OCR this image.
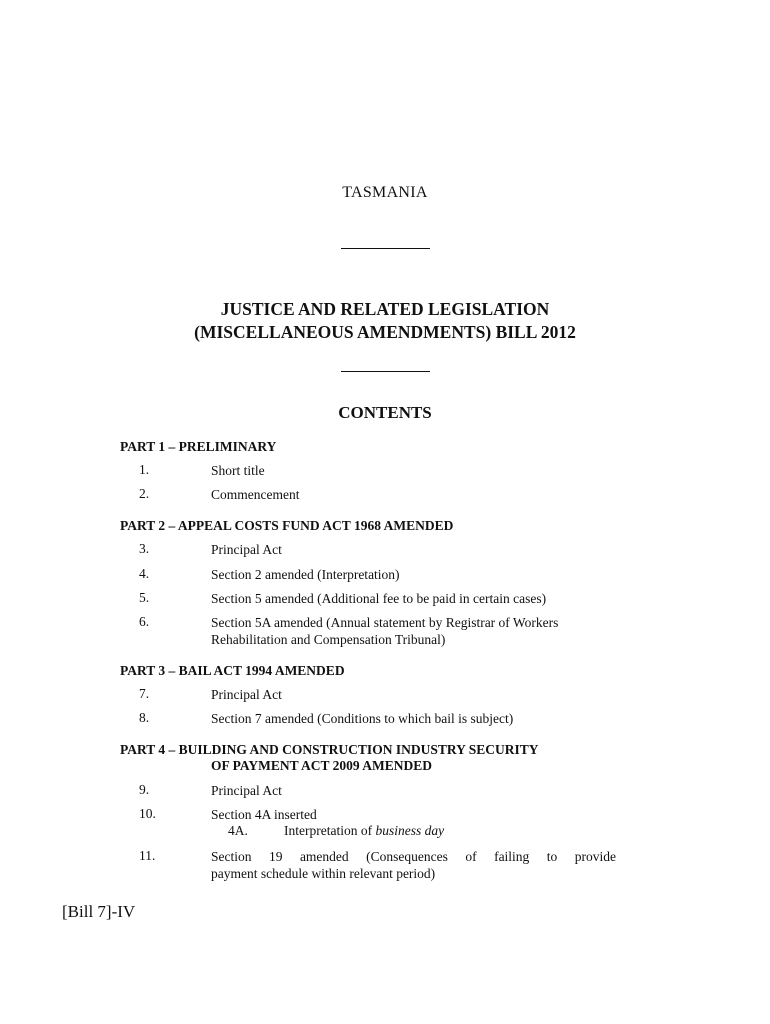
TASMANIA
JUSTICE AND RELATED LEGISLATION
(MISCELLANEOUS AMENDMENTS) BILL 2012
CONTENTS
PART 1 – PRELIMINARY
1.	Short title
2.	Commencement
PART 2 – APPEAL COSTS FUND ACT 1968 AMENDED
3.	Principal Act
4.	Section 2 amended (Interpretation)
5.	Section 5 amended (Additional fee to be paid in certain cases)
6.	Section 5A amended (Annual statement by Registrar of Workers
Rehabilitation and Compensation Tribunal)
PART 3 – BAIL ACT 1994 AMENDED
7.	Principal Act
8.	Section 7 amended (Conditions to which bail is subject)
PART 4 – BUILDING AND CONSTRUCTION INDUSTRY SECURITY
OF PAYMENT ACT 2009 AMENDED
9.	Principal Act
10.	Section 4A inserted
4A.	Interpretation of business day
11.	Section 19 amended (Consequences of failing to provide
payment schedule within relevant period)
[Bill 7]-IV
